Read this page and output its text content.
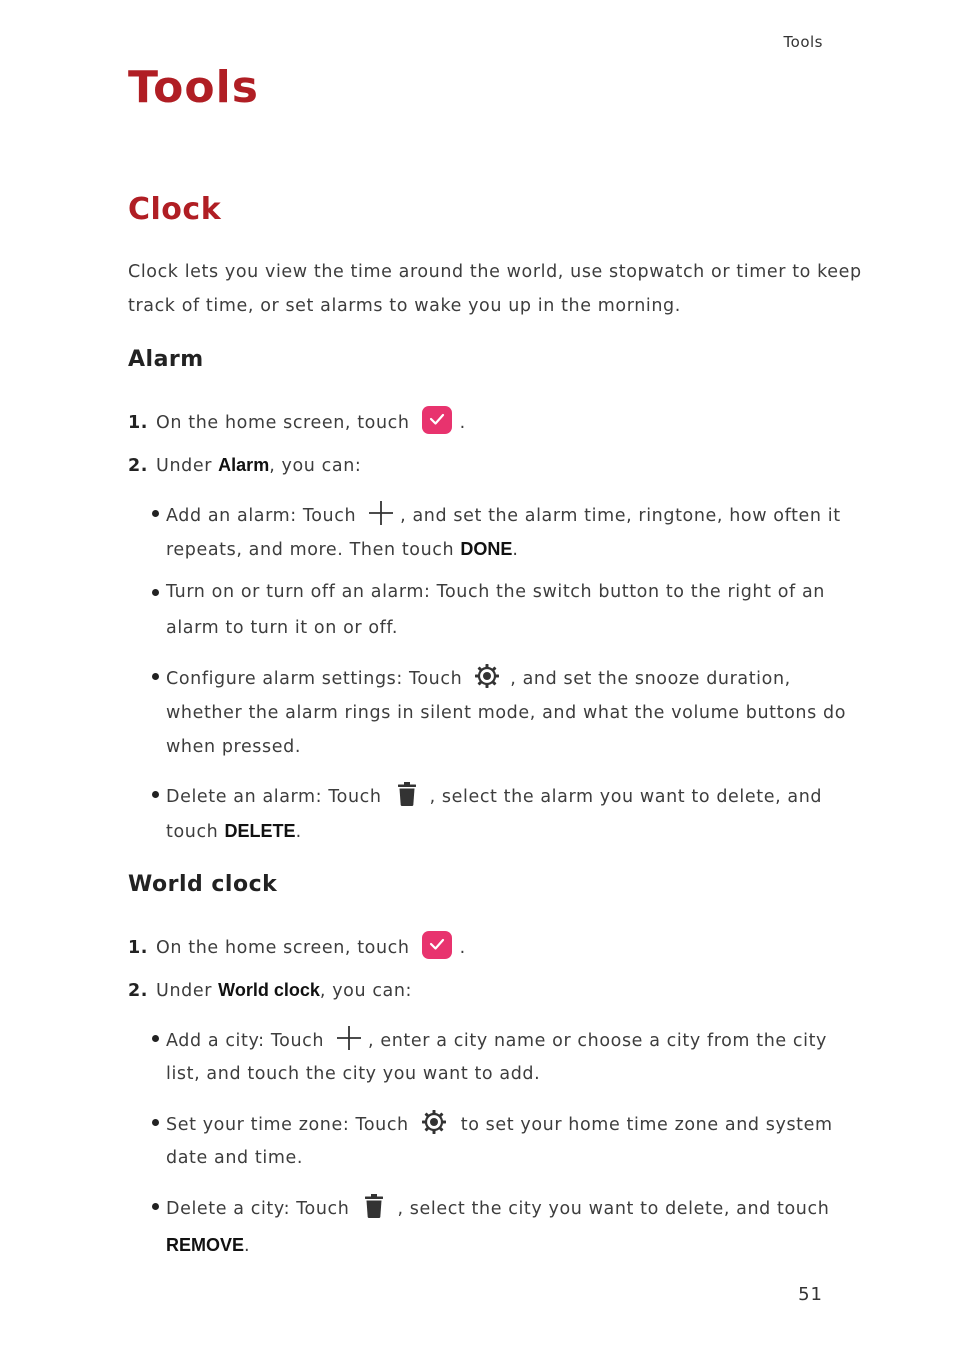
Tools
Tools
Clock
Clock lets you view the time around the world, use stopwatch or timer to keep
track of time, or set alarms to wake you up in the morning.
Alarm
1. On the home screen, touch	.
2. Under Alarm, you can:
Add an alarm: Touch	, and set the alarm time, ringtone, how often it
repeats, and more. Then touch DONE.
Turn on or turn off an alarm: Touch the switch button to the right of an
alarm to turn it on or off.
Configure alarm settings: Touch	, and set the snooze duration,
whether the alarm rings in silent mode, and what the volume buttons do
when pressed.
Delete an alarm: Touch	, select the alarm you want to delete, and
touch DELETE.
World clock
1. On the home screen, touch	.
2. Under World clock, you can:
Add a city: Touch	, enter a city name or choose a city from the city
list, and touch the city you want to add.
Set your time zone: Touch	to set your home time zone and system
date and time.
Delete a city: Touch	, select the city you want to delete, and touch
REMOVE.
51
